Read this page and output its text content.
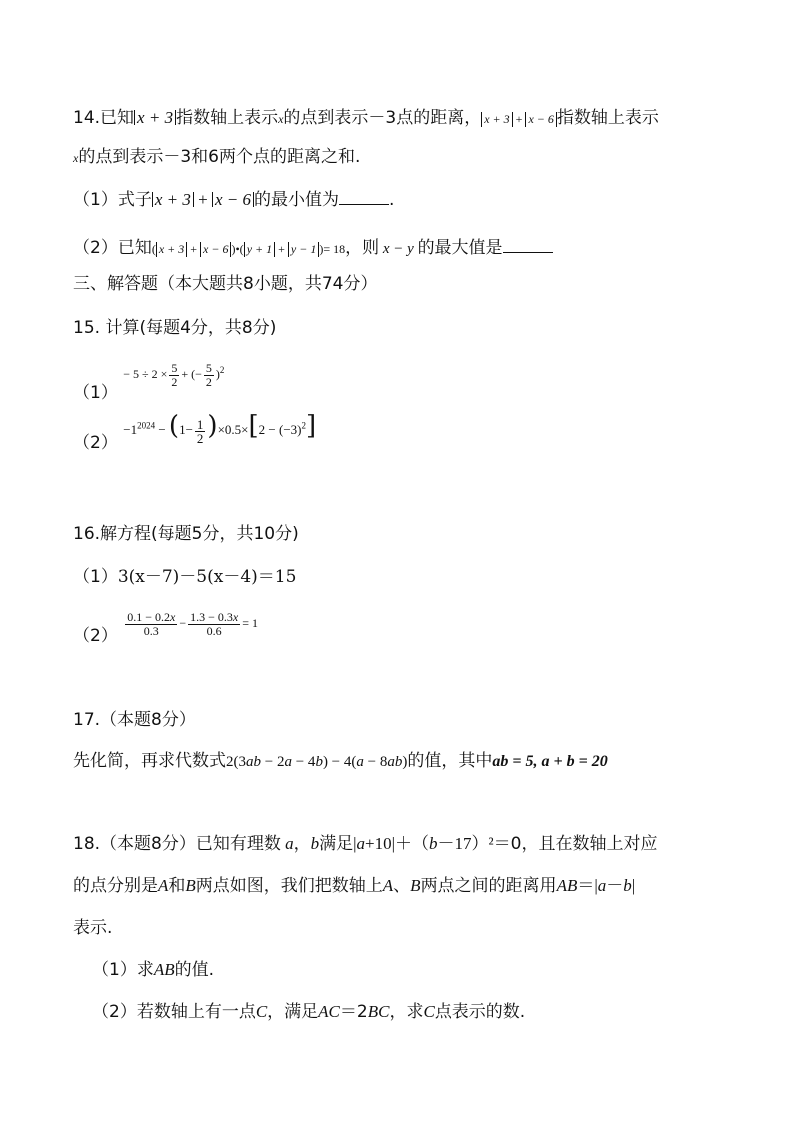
14.已知 x + 3 指数轴上表示x的点到表示－3点的距离， x + 3 + x − 6 指数轴上表示
x的点到表示－3和6两个点的距离之和.
（1）式子 x + 3 + x − 6 的最小值为	.
（2）已知( x + 3 + x − 6 )•( y + 1 + y − 1 )= 18，则 x − y 的最大值是
三、解答题（本大题共8小题，共74分）
15. 计算(每题4分，共8分)
（1） $^{- 5 \div 2 \times \frac{5}{2} + (- \frac{5}{2} )^2}$
（2） $^{-1^{2024} - (1- \frac{1}{2} )\times 0.5\times[2 - (-3)^2]}$
16.解方程(每题5分，共10分)
（1）3(x－7)－5(x－4)＝15
$(2) \frac{0.1 - 0.2x}{0.3} - \frac{1.3 - 0.3x}{0.6} = 1$
17.（本题8分）
先化简，再求代数式2(3ab − 2a − 4b) − 4(a − 8ab)的值，其中ab = 5, a + b = 20
18.（本题8分）已知有理数 a，b满足|a+10|＋（b－17）²＝0，且在数轴上对应
的点分别是A和B两点如图，我们把数轴上A、B两点之间的距离用AB＝|a－b|
表示.
（1）求AB的值.
（2）若数轴上有一点C，满足AC＝2BC，求C点表示的数.
